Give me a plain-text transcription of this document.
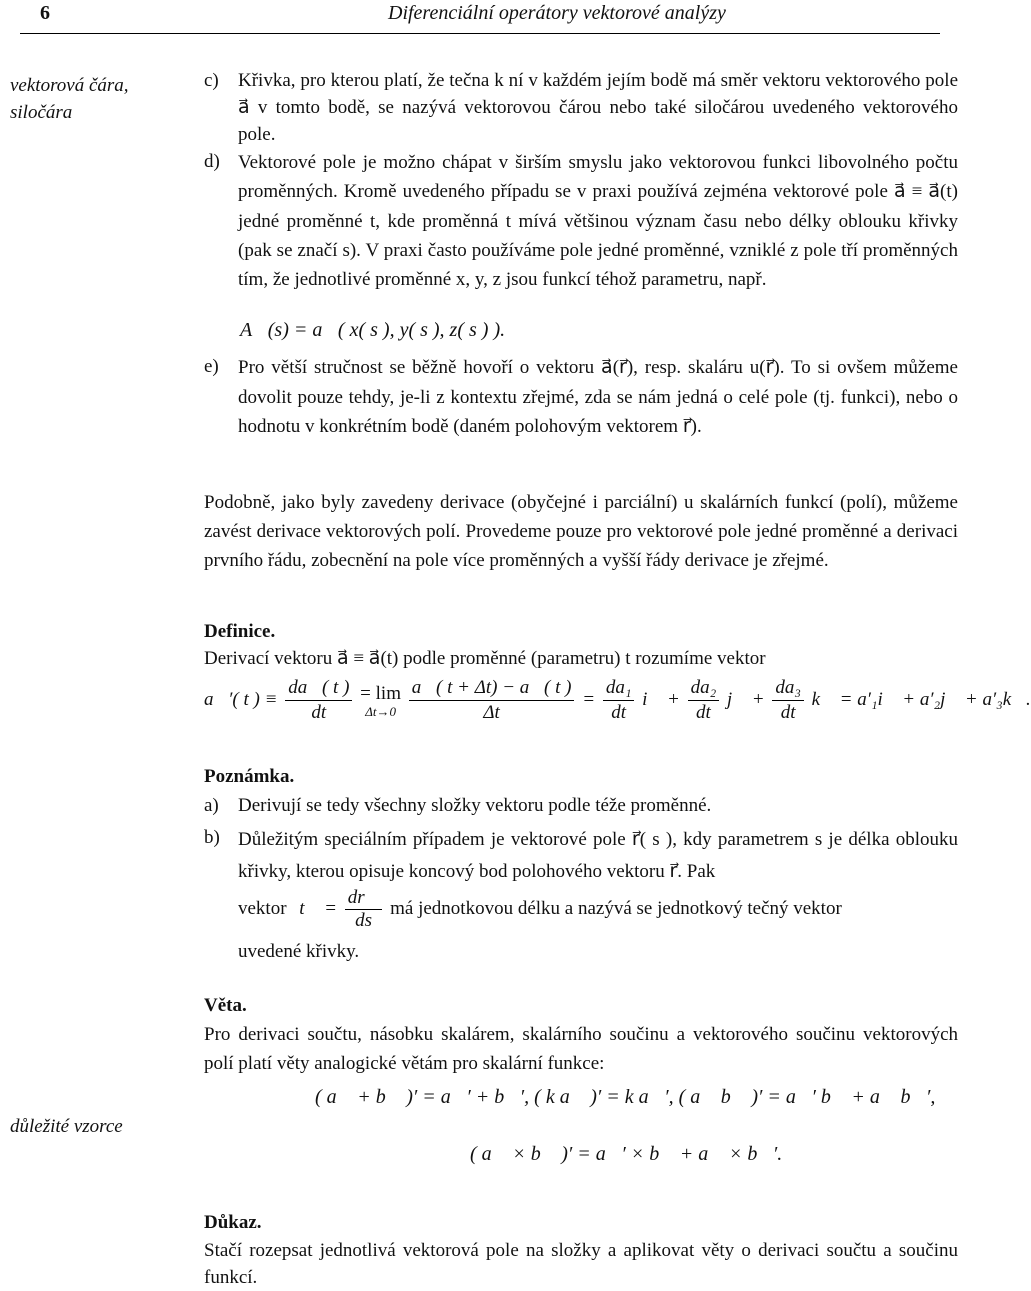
6	Diferenciální operátory vektorové analýzy
vektorová čára, siločára
důležité vzorce
c) Křivka, pro kterou platí, že tečna k ní v každém jejím bodě má směr vektoru vektorového pole a⃗ v tomto bodě, se nazývá vektorovou čárou nebo také siločárou uvedeného vektorového pole.

d) Vektorové pole je možno chápat v širším smyslu jako vektorovou funkci libovolného počtu proměnných. Kromě uvedeného případu se v praxi používá zejména vektorové pole a⃗ ≡ a⃗(t) jedné proměnné t, kde proměnná t mívá většinou význam času nebo délky oblouku křivky (pak se značí s). V praxi často používáme pole jedné proměnné, vzniklé z pole tří proměnných tím, že jednotlivé proměnné x, y, z jsou funkcí téhož parametru, např.

A⃗(s) = a⃗( x( s ), y( s ), z( s ) ).
e) Pro větší stručnost se běžně hovoří o vektoru a⃗(r⃗), resp. skaláru u(r⃗). To si ovšem můžeme dovolit pouze tehdy, je-li z kontextu zřejmé, zda se nám jedná o celé pole (tj. funkci), nebo o hodnotu v konkrétním bodě (daném polohovým vektorem r⃗).

Podobně, jako byly zavedeny derivace (obyčejné i parciální) u skalárních funkcí (polí), můžeme zavést derivace vektorových polí. Provedeme pouze pro vektorové pole jedné proměnné a derivaci prvního řádu, zobecnění na pole více proměnných a vyšší řády derivace je zřejmé.

Definice.

Derivací vektoru a⃗ ≡ a⃗(t) podle proměnné (parametru) t rozumíme vektor

a⃗′( t ) ≡ $\frac{da⃗( t )}{dt} = \lim$
Δt→0
$\frac{a⃗( t + \Delta t) - a⃗( t )}{\Delta t} = \frac{\text{da₁}}{dt}$ i⃗ + $\frac{\text{da₂}}{dt}$ j⃗ + $\frac{\text{da₃}}{dt}$ k⃗ = a′₁i⃗ + a′₂j⃗ + a′₃k⃗.
Poznámka.
a) Derivují se tedy všechny složky vektoru podle téže proměnné.

b) Důležitým speciálním případem je vektorové pole r⃗( s ), kdy parametrem s je délka oblouku křivky, kterou opisuje koncový bod polohového vektoru r⃗. Pak

vektor t⃗ = $\frac{dr⃗}{ds}$ má jednotkovou délku a nazývá se jednotkový tečný vektor

uvedené křivky.

Věta.

Pro derivaci součtu, násobku skalárem, skalárního součinu a vektorového součinu vektorových polí platí věty analogické větám pro skalární funkce:

( a⃗ + b⃗ )′ = a⃗′ + b⃗′, ( k a⃗ )′ = k a⃗′, ( a⃗ b⃗ )′ = a⃗′ b⃗ + a⃗ b⃗′,
( a⃗ × b⃗ )′ = a⃗′ × b⃗ + a⃗ × b⃗′.
Důkaz.

Stačí rozepsat jednotlivá vektorová pole na složky a aplikovat věty o derivaci součtu a součinu funkcí.
